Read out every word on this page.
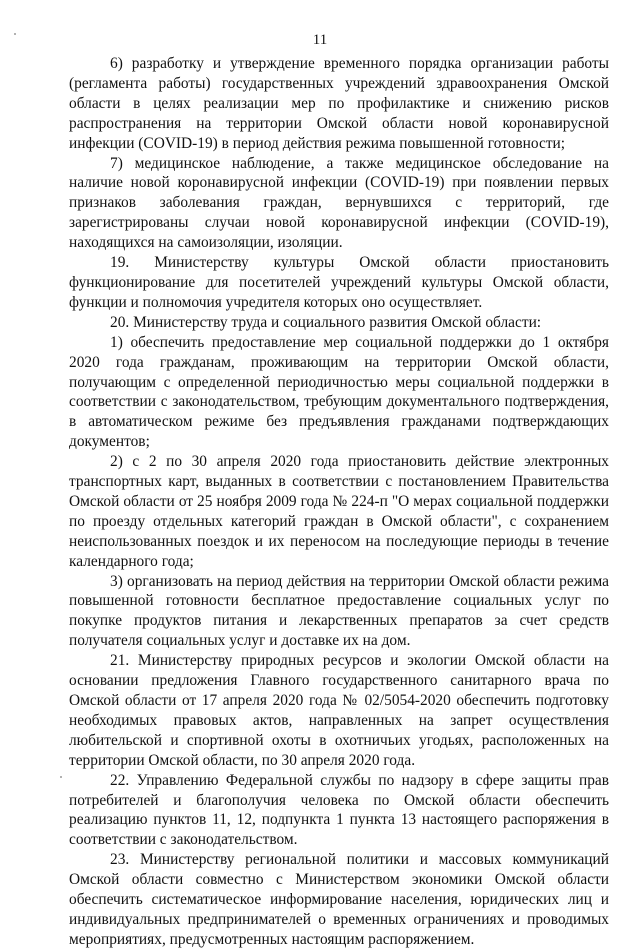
11

6) разработку и утверждение временного порядка организации работы (регламента работы) государственных учреждений здравоохранения Омской области в целях реализации мер по профилактике и снижению рисков распространения на территории Омской области новой коронавирусной инфекции (COVID-19) в период действия режима повышенной готовности;

7) медицинское наблюдение, а также медицинское обследование на наличие новой коронавирусной инфекции (COVID-19) при появлении первых признаков заболевания граждан, вернувшихся с территорий, где зарегистрированы случаи новой коронавирусной инфекции (COVID-19), находящихся на самоизоляции, изоляции.

19. Министерству культуры Омской области приостановить функционирование для посетителей учреждений культуры Омской области, функции и полномочия учредителя которых оно осуществляет.

20. Министерству труда и социального развития Омской области:

1) обеспечить предоставление мер социальной поддержки до 1 октября 2020 года гражданам, проживающим на территории Омской области, получающим с определенной периодичностью меры социальной поддержки в соответствии с законодательством, требующим документального подтверждения, в автоматическом режиме без предъявления гражданами подтверждающих документов;

2) с 2 по 30 апреля 2020 года приостановить действие электронных транспортных карт, выданных в соответствии с постановлением Правительства Омской области от 25 ноября 2009 года № 224-п "О мерах социальной поддержки по проезду отдельных категорий граждан в Омской области", с сохранением неиспользованных поездок и их переносом на последующие периоды в течение календарного года;

3) организовать на период действия на территории Омской области режима повышенной готовности бесплатное предоставление социальных услуг по покупке продуктов питания и лекарственных препаратов за счет средств получателя социальных услуг и доставке их на дом.

21. Министерству природных ресурсов и экологии Омской области на основании предложения Главного государственного санитарного врача по Омской области от 17 апреля 2020 года № 02/5054-2020 обеспечить подготовку необходимых правовых актов, направленных на запрет осуществления любительской и спортивной охоты в охотничьих угодьях, расположенных на территории Омской области, по 30 апреля 2020 года.

22. Управлению Федеральной службы по надзору в сфере защиты прав потребителей и благополучия человека по Омской области обеспечить реализацию пунктов 11, 12, подпункта 1 пункта 13 настоящего распоряжения в соответствии с законодательством.

23. Министерству региональной политики и массовых коммуникаций Омской области совместно с Министерством экономики Омской области обеспечить систематическое информирование населения, юридических лиц и индивидуальных предпринимателей о временных ограничениях и проводимых мероприятиях, предусмотренных настоящим распоряжением.
